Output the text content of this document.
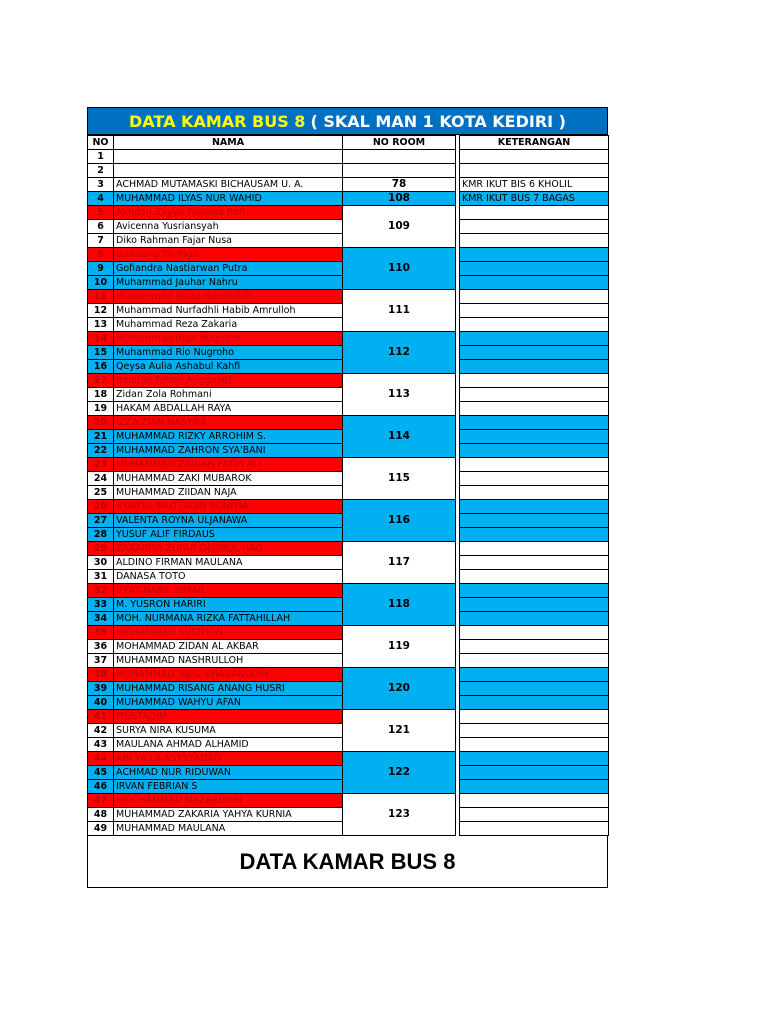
DATA KAMAR BUS 8 ( SKAL MAN 1 KOTA KEDIRI )
NO	NAMA	NO ROOM		KETERANGAN
1				
2				
3	ACHMAD MUTAMASKI BICHAUSAM U. A.	78		KMR IKUT BIS 6 KHOLIL
4	MUHAMMAD ILYAS NUR WAHID	108		KMR IKUT BUS 7 BAGAS
5	Akhdan Zayya Fawwaz Rafi	109		
6	Avicenna Yusriansyah			
7	Diko Rahman Fajar Nusa			
8	Gandung Tri Yoga	110		
9	Gofiandra Nastiarwan Putra			
10	Muhammad Jauhar Nahru			
11	Muhammad Mirza Hibatullah	111		
12	Muhammad Nurfadhli Habib Amrulloh			
13	Muhammad Reza Zakaria			
14	Muhammad Rian Nugroho	112		
15	Muhammad Rio Nugroho			
16	Qeysa Aulia Ashabul Kahfi			
17	Radifan Fahmi Anggajati	113		
18	Zidan Zola Rohmani			
19	HAKAM ABDALLAH RAYA			
20	IZZA ZIAN NASYIFA	114		
21	MUHAMMAD RIZKY ARROHIM S.			
22	MUHAMMAD ZAHRON SYA'BANI			
23	MUHAMMAD ZAIDAN FATIH ALI	115		
24	MUHAMMAD ZAKI MUBAROK			
25	MUHAMMAD ZIIDAN NAJA			
26	SYAIFUL MUTTAQIN SONITIA	116		
27	VALENTA ROYNA ULJANAWA			
28	YUSUF ALIF FIRDAUS			
29	ZAKARIYA ZUFAR DLIYAUL HAQ	117		
30	ALDINO FIRMAN MAULANA			
31	DANASA TOTO			
32	IFFAT NABIL ISMAIL	118		
33	M. YUSRON HARIRI			
34	MOH. NURMANA RIZKA FATTAHILLAH			
35	MOHAMMAD SULTHON	119		
36	MOHAMMAD ZIDAN AL AKBAR			
37	MUHAMMAD NASHRULLOH			
38	MUHAMMAD RIJAL KHASANUDIN	120		
39	MUHAMMAD RISANG ANANG HUSRI			
40	MUHAMMAD WAHYU AFAN			
41	MUSTAQIM	121		
42	SURYA NIRA KUSUMA			
43	MAULANA AHMAD ALHAMID			
44	ABI YA'LA ASYSYADAD	122		
45	ACHMAD NUR RIDUWAN			
46	IRVAN FEBRIAN S			
47	MOCHAMMAD NAZARUDIN	123		
48	MUHAMMAD ZAKARIA YAHYA KURNIA			
49	MUHAMMAD MAULANA			
DATA KAMAR BUS 8
